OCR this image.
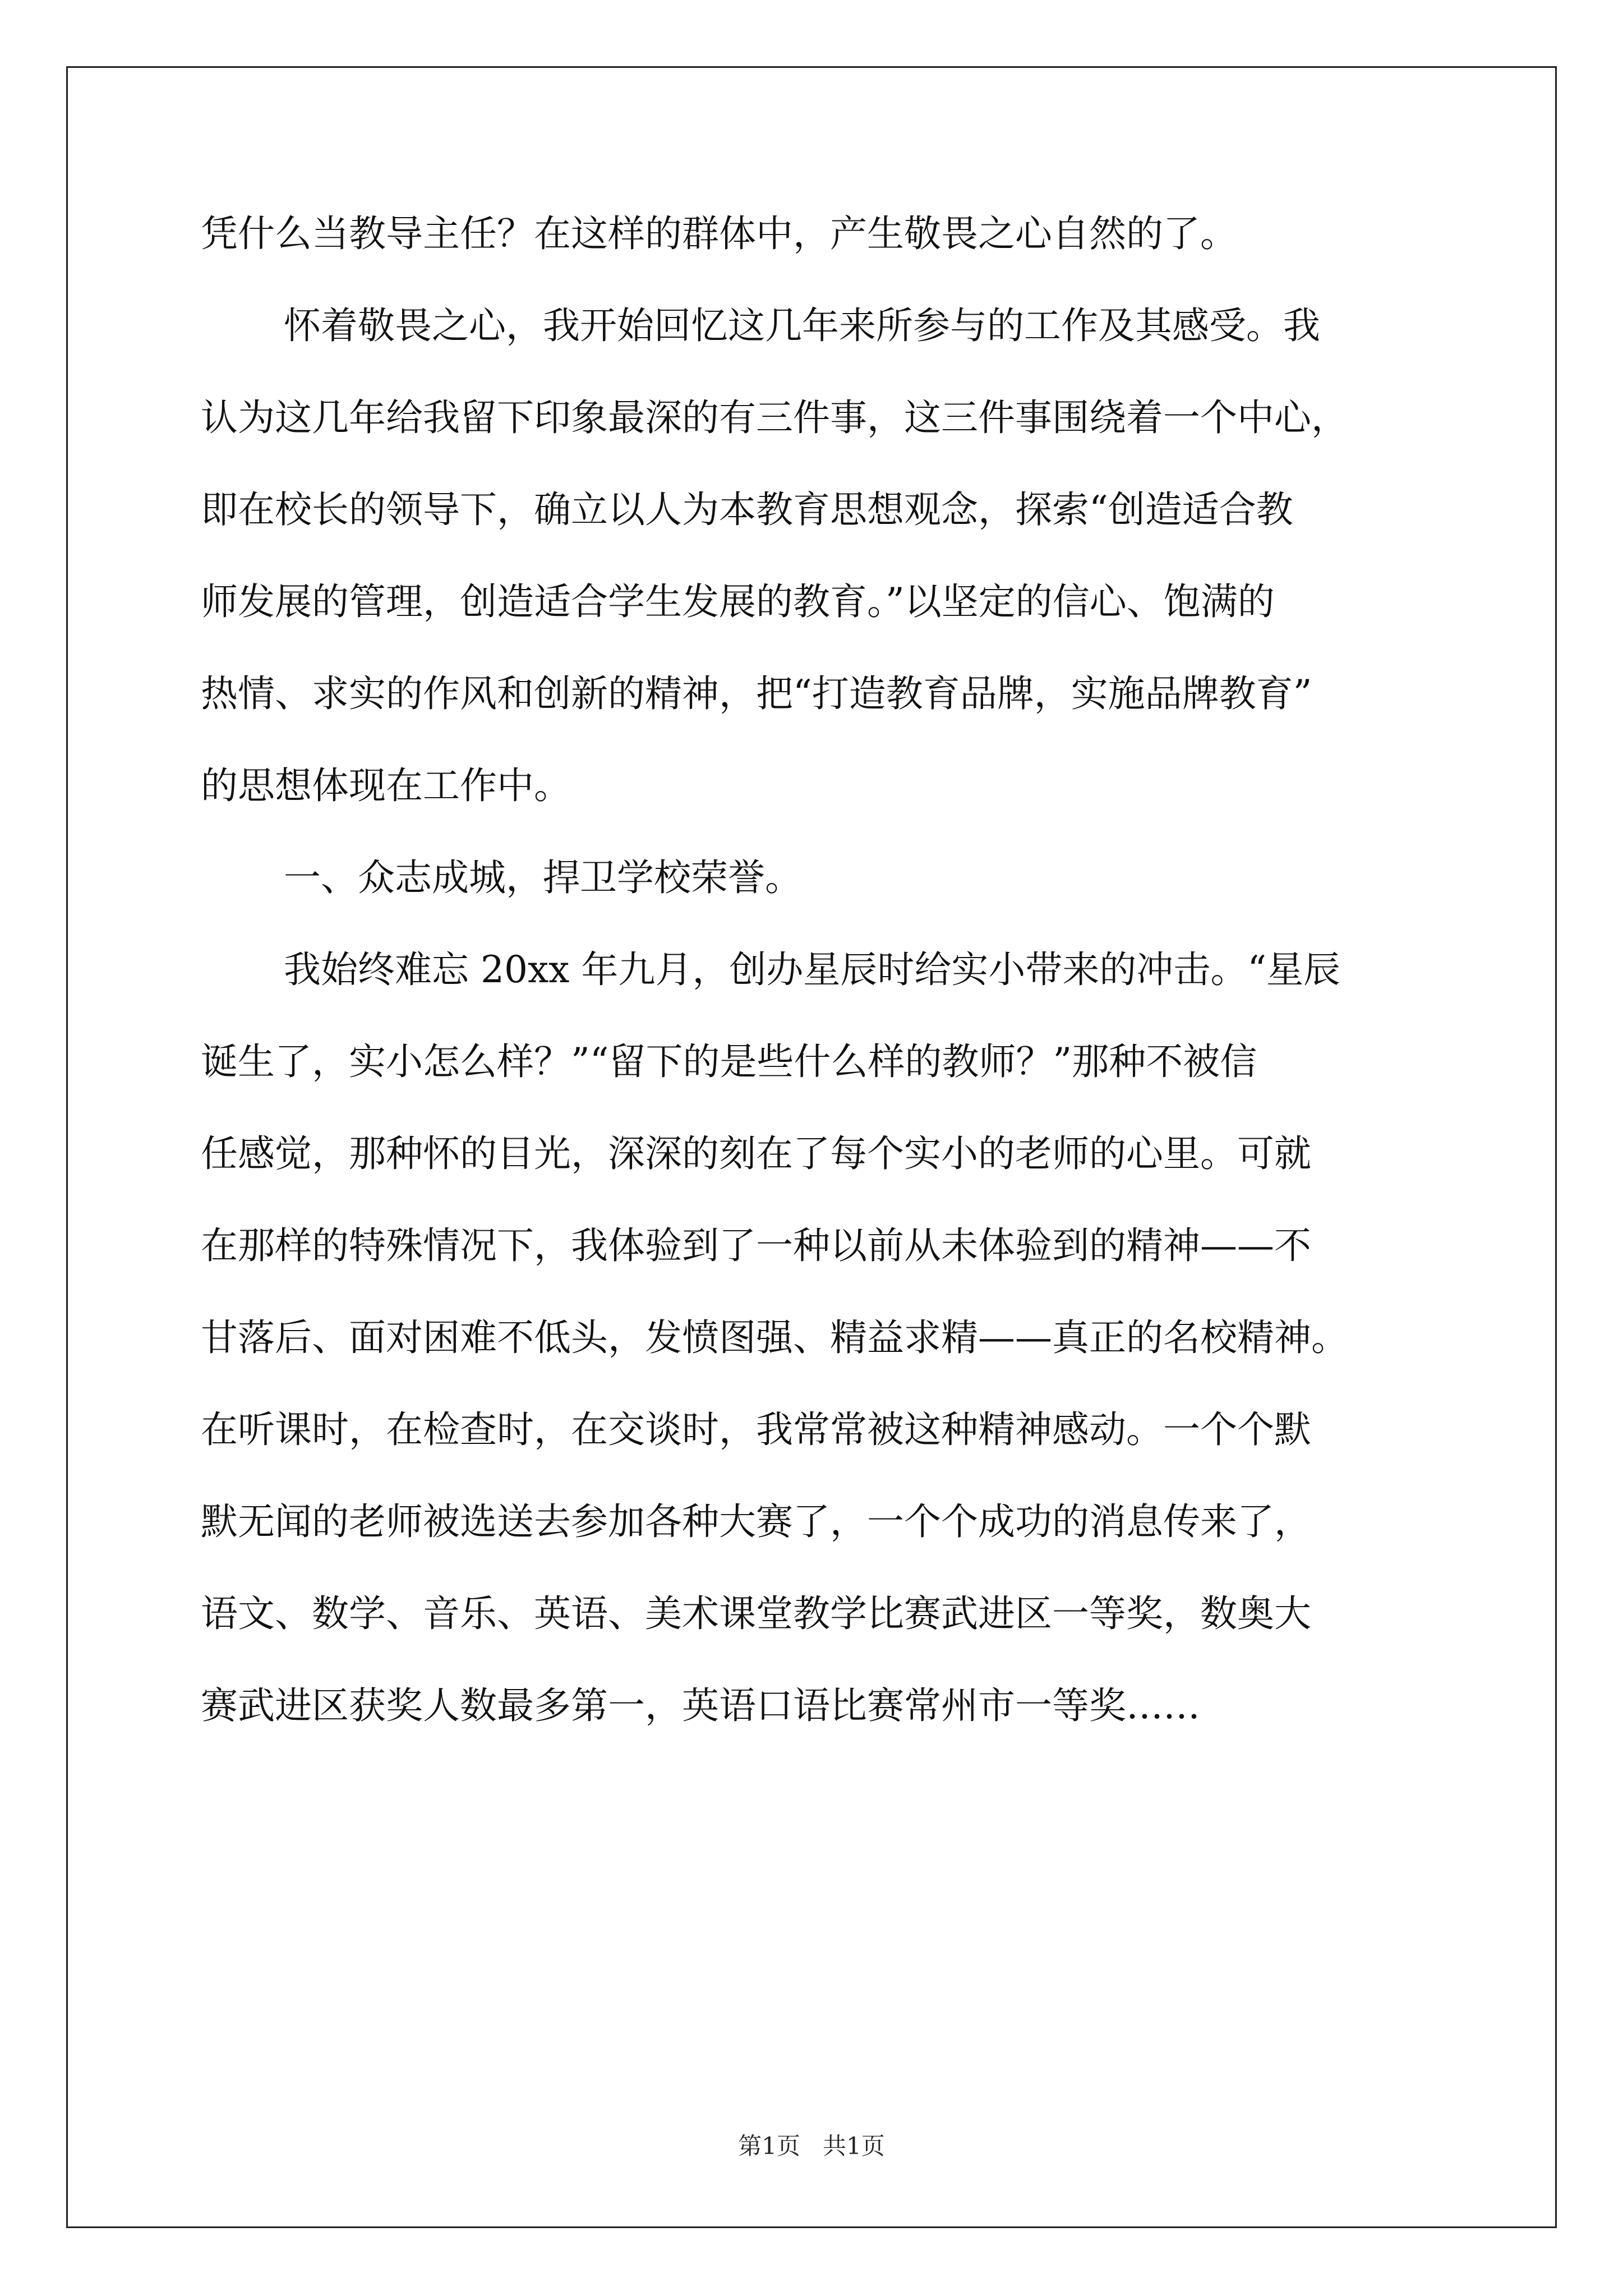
凭什么当教导主任？在这样的群体中，产生敬畏之心自然的了。
怀着敬畏之心，我开始回忆这几年来所参与的工作及其感受。我
认为这几年给我留下印象最深的有三件事，这三件事围绕着一个中心，
即在校长的领导下，确立以人为本教育思想观念，探索“创造适合教
师发展的管理，创造适合学生发展的教育。”以坚定的信心、饱满的
热情、求实的作风和创新的精神，把“打造教育品牌，实施品牌教育”
的思想体现在工作中。
一、众志成城，捍卫学校荣誉。
我始终难忘 20xx 年九月，创办星辰时给实小带来的冲击。“星辰
诞生了，实小怎么样？”“留下的是些什么样的教师？”那种不被信
任感觉，那种怀的目光，深深的刻在了每个实小的老师的心里。可就
在那样的特殊情况下，我体验到了一种以前从未体验到的精神——不
甘落后、面对困难不低头，发愤图强、精益求精——真正的名校精神。
在听课时，在检查时，在交谈时，我常常被这种精神感动。一个个默
默无闻的老师被选送去参加各种大赛了，一个个成功的消息传来了，
语文、数学、音乐、英语、美术课堂教学比赛武进区一等奖，数奥大
赛武进区获奖人数最多第一，英语口语比赛常州市一等奖……
第1页 共1页
